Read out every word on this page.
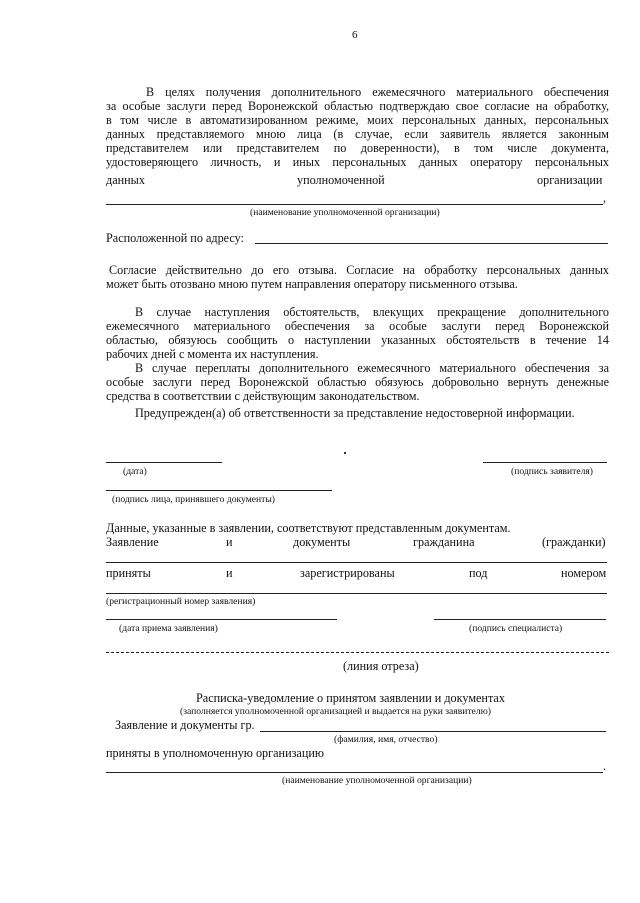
6
В целях получения дополнительного ежемесячного материального обеспечения
за особые заслуги перед Воронежской областью подтверждаю свое согласие на обработку,
в том числе в автоматизированном режиме, моих персональных данных, персональных
данных представляемого мною лица (в случае, если заявитель является законным
представителем или представителем по доверенности), в том числе документа,
удостоверяющего личность, и иных персональных данных оператору персональных
данных	уполномоченной	организации
,
(наименование уполномоченной организации)
Расположенной по адресу:
Согласие действительно до его отзыва. Согласие на обработку персональных данных
может быть отозвано мною путем направления оператору письменного отзыва.
В случае наступления обстоятельств, влекущих прекращение дополнительного
ежемесячного материального обеспечения за особые заслуги перед Воронежской
областью, обязуюсь сообщить о наступлении указанных обстоятельств в течение 14
рабочих дней с момента их наступления.
В случае переплаты дополнительного ежемесячного материального обеспечения за
особые заслуги перед Воронежской областью обязуюсь добровольно вернуть денежные
средства в соответствии с действующим законодательством.
Предупрежден(а) об ответственности за представление недостоверной информации.
(дата)	(подпись заявителя)
(подпись лица, принявшего документы)
Данные, указанные в заявлении, соответствуют представленным документам.
Заявление	и	документы	гражданина	(гражданки)
приняты	и	зарегистрированы	под	номером
(регистрационный номер заявления)
(дата приема заявления)	(подпись специалиста)
(линия отреза)
Расписка-уведомление о принятом заявлении и документах
(заполняется уполномоченной организацией и выдается на руки заявителю)
Заявление и документы гр.
(фамилия, имя, отчество)
приняты в уполномоченную организацию
.
(наименование уполномоченной организации)
